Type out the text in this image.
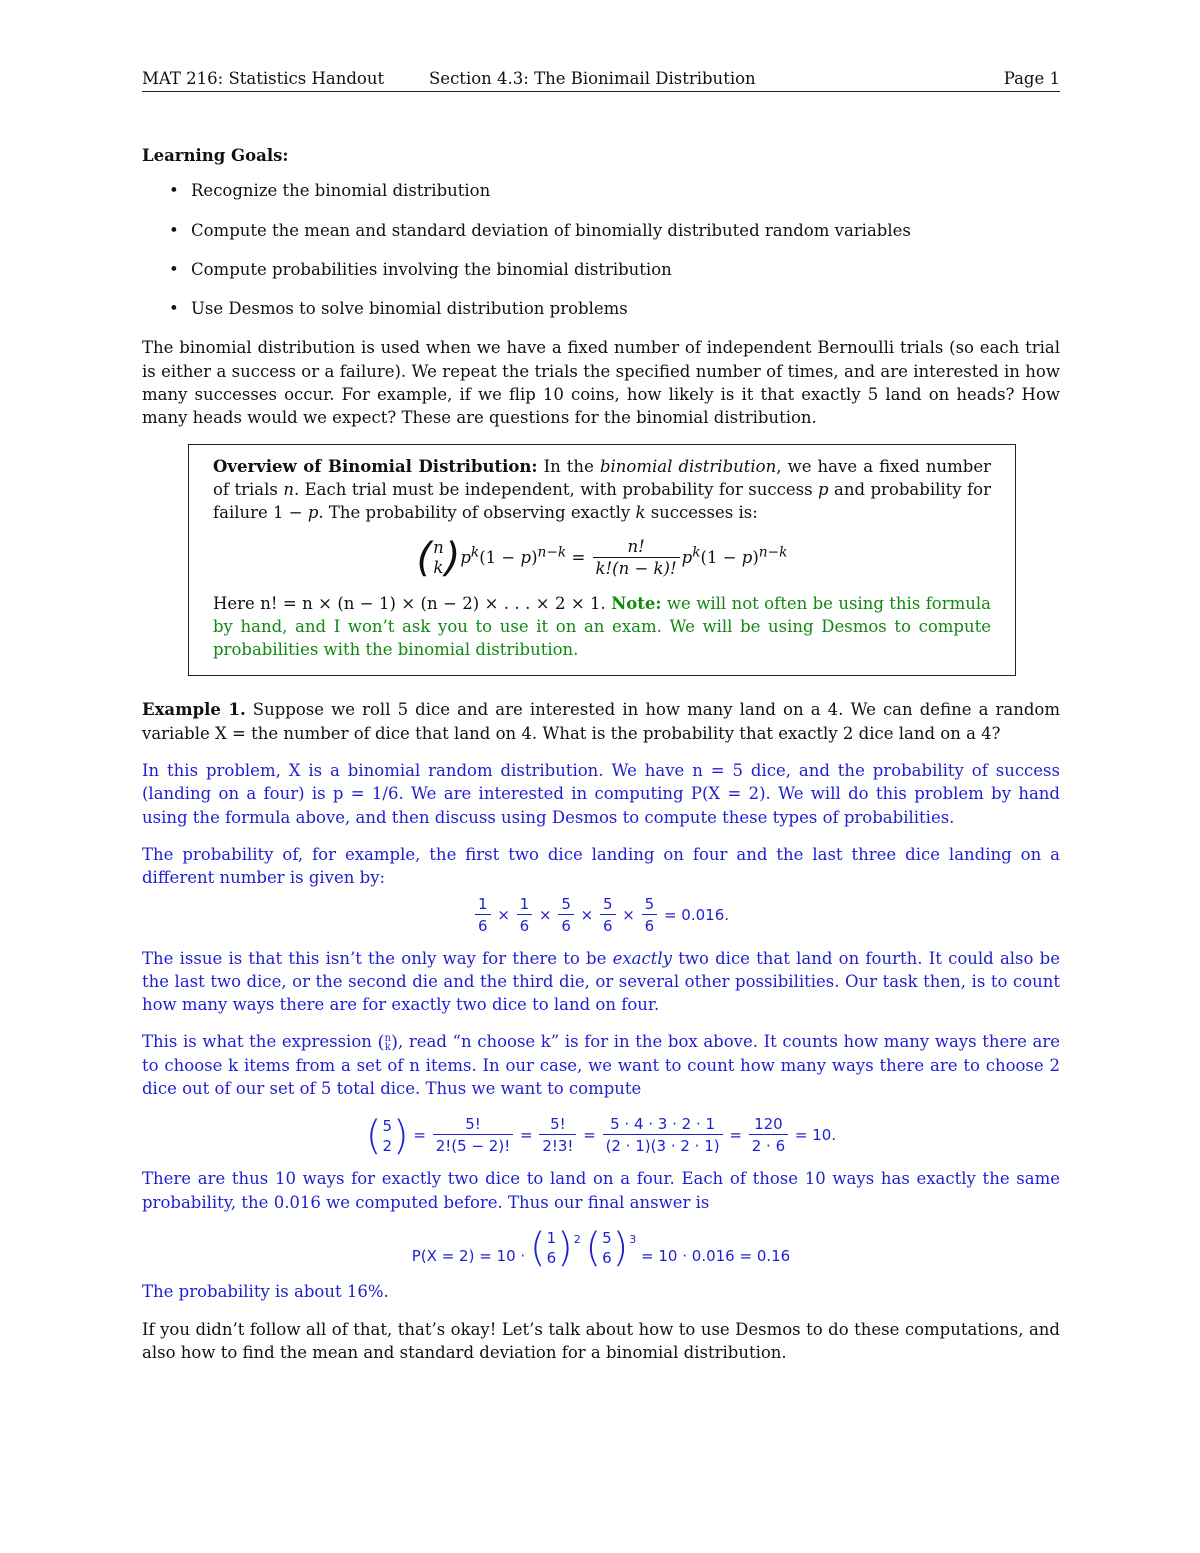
MAT 216: Statistics Handout	Section 4.3: The Bionimail Distribution	Page 1
Learning Goals:
• Recognize the binomial distribution
• Compute the mean and standard deviation of binomially distributed random variables
• Compute probabilities involving the binomial distribution
• Use Desmos to solve binomial distribution problems

The binomial distribution is used when we have a fixed number of independent Bernoulli trials (so each trial is either a success or a failure). We repeat the trials the specified number of times, and are interested in how many successes occur. For example, if we flip 10 coins, how likely is it that exactly 5 land on heads? How many heads would we expect? These are questions for the binomial distribution.

Overview of Binomial Distribution: In the binomial distribution, we have a fixed number of trials n. Each trial must be independent, with probability for success p and probability for failure 1 − p. The probability of observing exactly k successes is:

( n
k ) $p^k(1 - p)^{n-k} = \frac{n!}{k!(n - k)!} p^k(1 - p)^{n-k}$

Here n! = n × (n − 1) × (n − 2) × . . . × 2 × 1. Note: we will not often be using this formula by hand, and I won’t ask you to use it on an exam. We will be using Desmos to compute probabilities with the binomial distribution.

Example 1. Suppose we roll 5 dice and are interested in how many land on a 4. We can define a random variable X = the number of dice that land on 4. What is the probability that exactly 2 dice land on a 4?

In this problem, X is a binomial random distribution. We have n = 5 dice, and the probability of success (landing on a four) is p = 1/6. We are interested in computing P(X = 2). We will do this problem by hand using the formula above, and then discuss using Desmos to compute these types of probabilities.

The probability of, for example, the first two dice landing on four and the last three dice landing on a different number is given by:

$\frac{1}{6} \times \frac{1}{6} \times \frac{5}{6} \times \frac{5}{6} \times \frac{5}{6} = 0.016$.

The issue is that this isn’t the only way for there to be exactly two dice that land on fourth. It could also be the last two dice, or the second die and the third die, or several other possibilities. Our task then, is to count how many ways there are for exactly two dice to land on four.

This is what the expression ( n
k ) , read “n choose k” is for in the box above. It counts how many ways there are to choose k items from a set of n items. In our case, we want to count how many ways there are to choose 2 dice out of our set of 5 total dice. Thus we want to compute

( 5
2 ) = $\frac{5!}{2!(5 - 2)!} = \frac{5!}{2!3!} = \frac{5 \cdot 4 \cdot 3 \cdot 2 \cdot 1}{(2 \cdot 1)(3 \cdot 2 \cdot 1)} = \frac{120}{2 \cdot 6} = 10$.

There are thus 10 ways for exactly two dice to land on a four. Each of those 10 ways has exactly the same probability, the 0.016 we computed before. Thus our final answer is

P(X = 2) = 10 · ( 1
6 )$^2$
( 5
6 )$^3$
= 10 · 0.016 = 0.16

The probability is about 16%.

If you didn’t follow all of that, that’s okay! Let’s talk about how to use Desmos to do these computations, and also how to find the mean and standard deviation for a binomial distribution.
